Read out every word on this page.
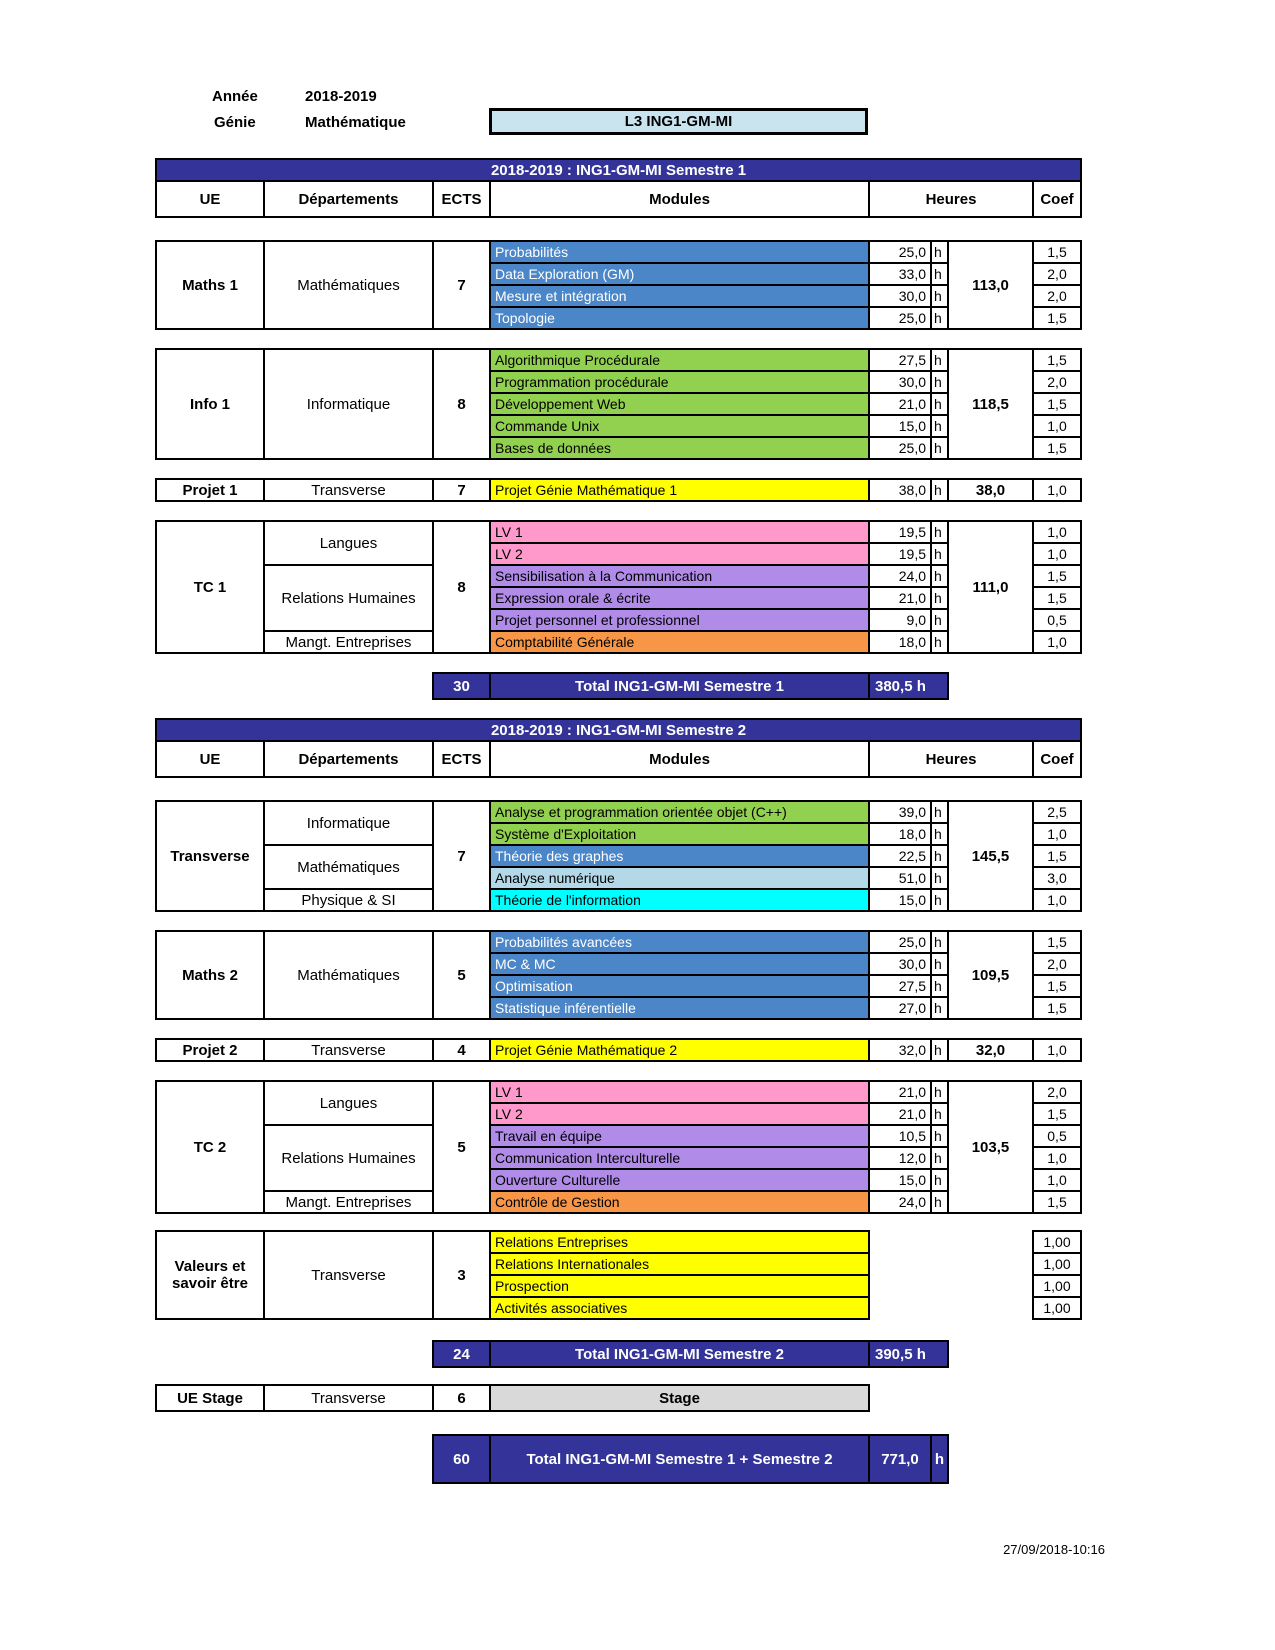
Année	2018-2019
Génie	Mathématique	L3 ING1-GM-MI
2018-2019 : ING1-GM-MI Semestre 1
UE	Départements	ECTS	Modules	Heures	Coef
Maths 1	Mathématiques	7	Probabilités	25,0	h	113,0	1,5
			Data Exploration (GM)	33,0	h		2,0
			Mesure et intégration	30,0	h		2,0
			Topologie	25,0	h		1,5
Info 1	Informatique	8	Algorithmique Procédurale	27,5	h	118,5	1,5
			Programmation procédurale	30,0	h		2,0
			Développement Web	21,0	h		1,5
			Commande Unix	15,0	h		1,0
			Bases de données	25,0	h		1,5
Projet 1	Transverse	7	Projet Génie Mathématique 1	38,0	h	38,0	1,0
TC 1	Langues	8	LV 1	19,5	h	111,0	1,0
			LV 2	19,5	h		1,0
	Relations Humaines		Sensibilisation à la Communication	24,0	h		1,5
			Expression orale & écrite	21,0	h		1,5
			Projet personnel et professionnel	9,0	h		0,5
	Mangt. Entreprises		Comptabilité Générale	18,0	h		1,0
30	Total ING1-GM-MI Semestre 1	380,5 h
2018-2019 : ING1-GM-MI Semestre 2
UE	Départements	ECTS	Modules	Heures	Coef
Transverse	Informatique	7	Analyse et programmation orientée objet (C++)	39,0	h	145,5	2,5
			Système d'Exploitation	18,0	h		1,0
	Mathématiques		Théorie des graphes	22,5	h		1,5
			Analyse numérique	51,0	h		3,0
	Physique & SI		Théorie de l'information	15,0	h		1,0
Maths 2	Mathématiques	5	Probabilités avancées	25,0	h	109,5	1,5
			MC & MC	30,0	h		2,0
			Optimisation	27,5	h		1,5
			Statistique inférentielle	27,0	h		1,5
Projet 2	Transverse	4	Projet Génie Mathématique 2	32,0	h	32,0	1,0
TC 2	Langues	5	LV 1	21,0	h	103,5	2,0
			LV 2	21,0	h		1,5
	Relations Humaines		Travail en équipe	10,5	h		0,5
			Communication Interculturelle	12,0	h		1,0
			Ouverture Culturelle	15,0	h		1,0
	Mangt. Entreprises		Contrôle de Gestion	24,0	h		1,5
Valeurs et savoir être	Transverse	3	Relations Entreprises		1,00
			Relations Internationales		1,00
			Prospection		1,00
			Activités associatives		1,00
24	Total ING1-GM-MI Semestre 2	390,5 h
UE Stage	Transverse	6	Stage
60	Total ING1-GM-MI Semestre 1 + Semestre 2	771,0	h
27/09/2018-10:16
